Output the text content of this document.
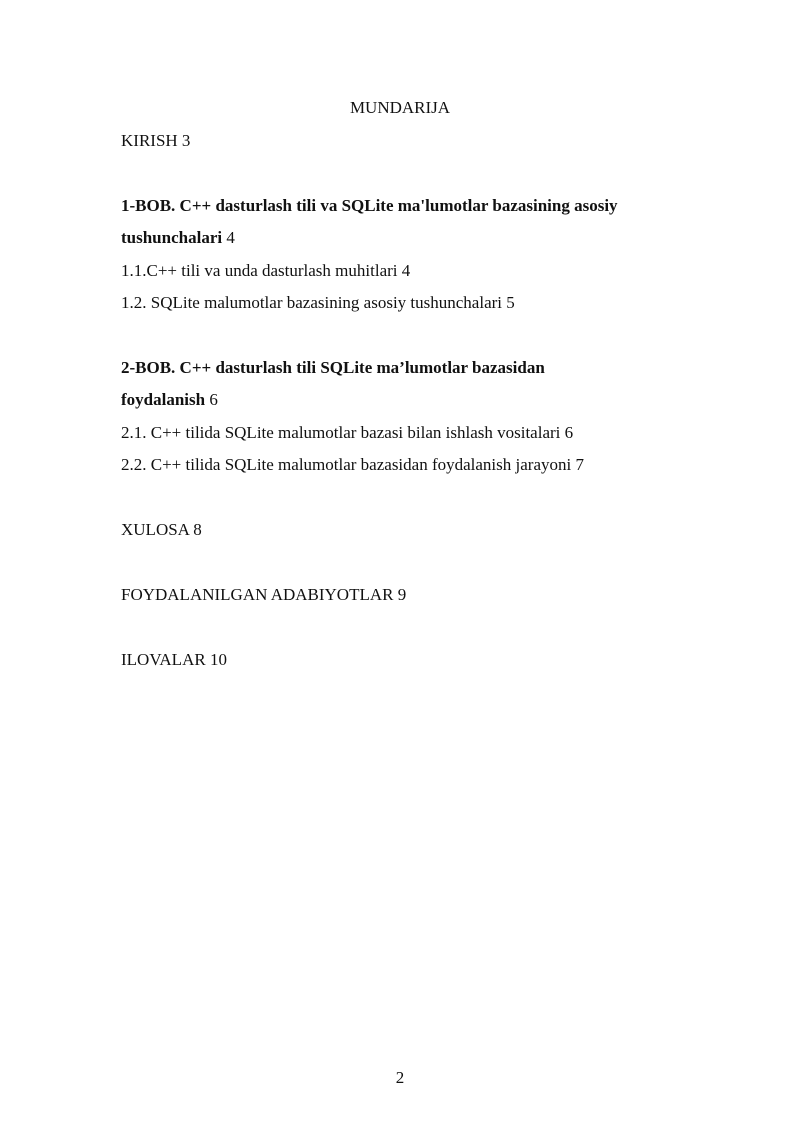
MUNDARIJA
KIRISH 3
1-BOB. C++ dasturlash tili va SQLite ma'lumotlar bazasining asosiy
tushunchalari 4
1.1.C++ tili va unda dasturlash muhitlari 4
1.2. SQLite malumotlar bazasining asosiy tushunchalari 5
2-BOB. C++ dasturlash tili SQLite ma’lumotlar bazasidan
foydalanish 6
2.1. C++ tilida SQLite malumotlar bazasi bilan ishlash vositalari 6
2.2. C++ tilida SQLite malumotlar bazasidan foydalanish jarayoni 7
XULOSA 8
FOYDALANILGAN ADABIYOTLAR 9
ILOVALAR 10
2
